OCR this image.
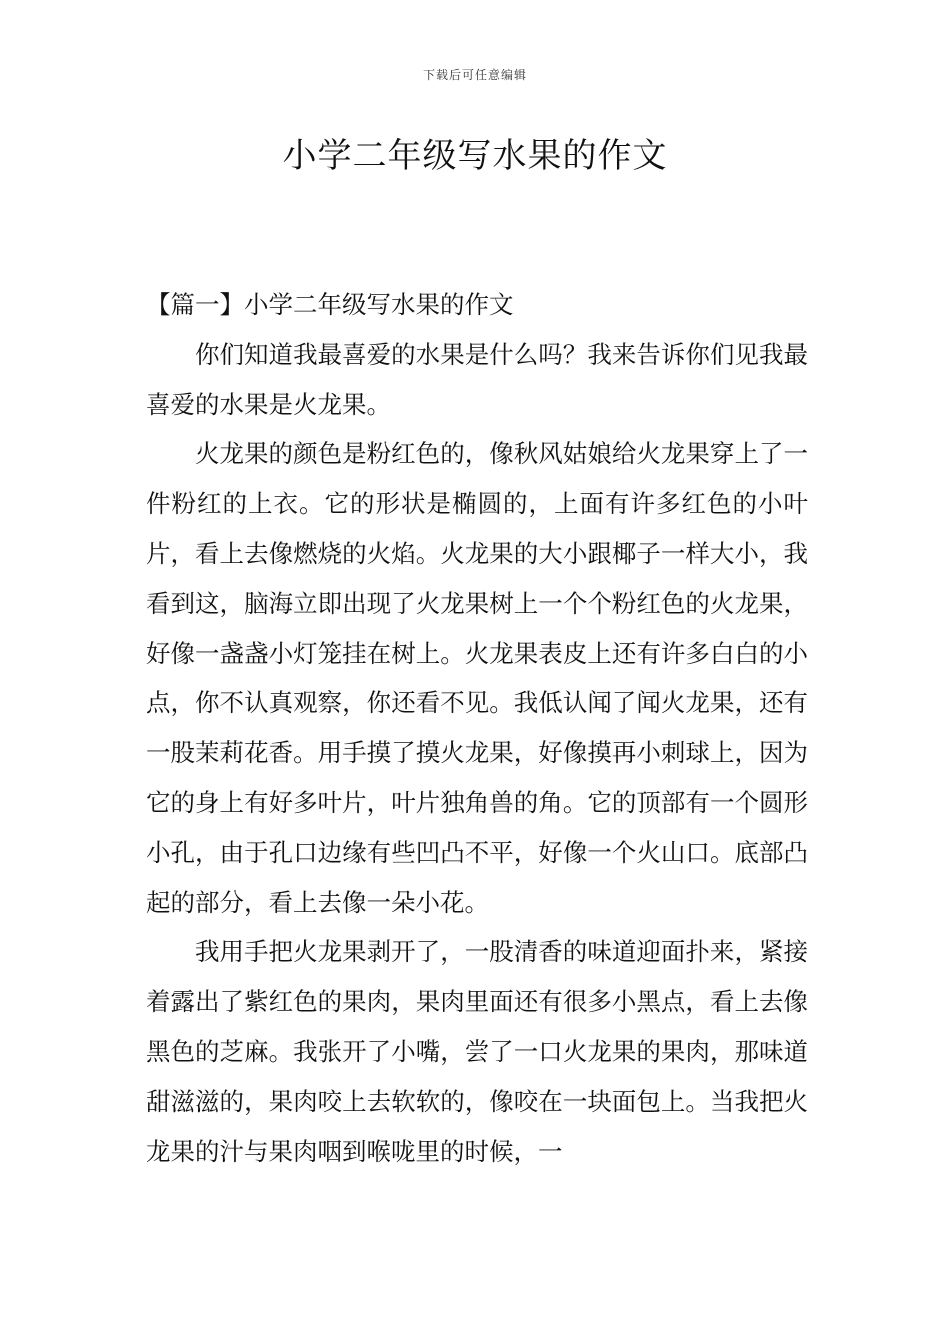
下载后可任意编辑
小学二年级写水果的作文

【篇一】小学二年级写水果的作文

你们知道我最喜爱的水果是什么吗？我来告诉你们见我最喜爱的水果是火龙果。

火龙果的颜色是粉红色的，像秋风姑娘给火龙果穿上了一件粉红的上衣。它的形状是椭圆的，上面有许多红色的小叶片，看上去像燃烧的火焰。火龙果的大小跟椰子一样大小，我看到这，脑海立即出现了火龙果树上一个个粉红色的火龙果，好像一盏盏小灯笼挂在树上。火龙果表皮上还有许多白白的小点，你不认真观察，你还看不见。我低认闻了闻火龙果，还有一股茉莉花香。用手摸了摸火龙果，好像摸再小刺球上，因为它的身上有好多叶片，叶片独角兽的角。它的顶部有一个圆形小孔，由于孔口边缘有些凹凸不平，好像一个火山口。底部凸起的部分，看上去像一朵小花。

我用手把火龙果剥开了，一股清香的味道迎面扑来，紧接着露出了紫红色的果肉，果肉里面还有很多小黑点，看上去像黑色的芝麻。我张开了小嘴，尝了一口火龙果的果肉，那味道甜滋滋的，果肉咬上去软软的，像咬在一块面包上。当我把火龙果的汁与果肉咽到喉咙里的时候，一
